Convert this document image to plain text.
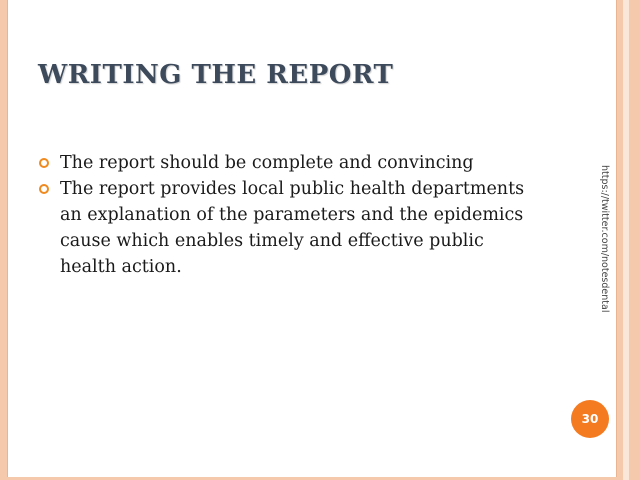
WRITING THE REPORT
The report should be complete and convincing
The report provides local public health departments an explanation of the parameters and the epidemics cause which enables timely and effective public health action.	https://twitter.com/notesdental
30
